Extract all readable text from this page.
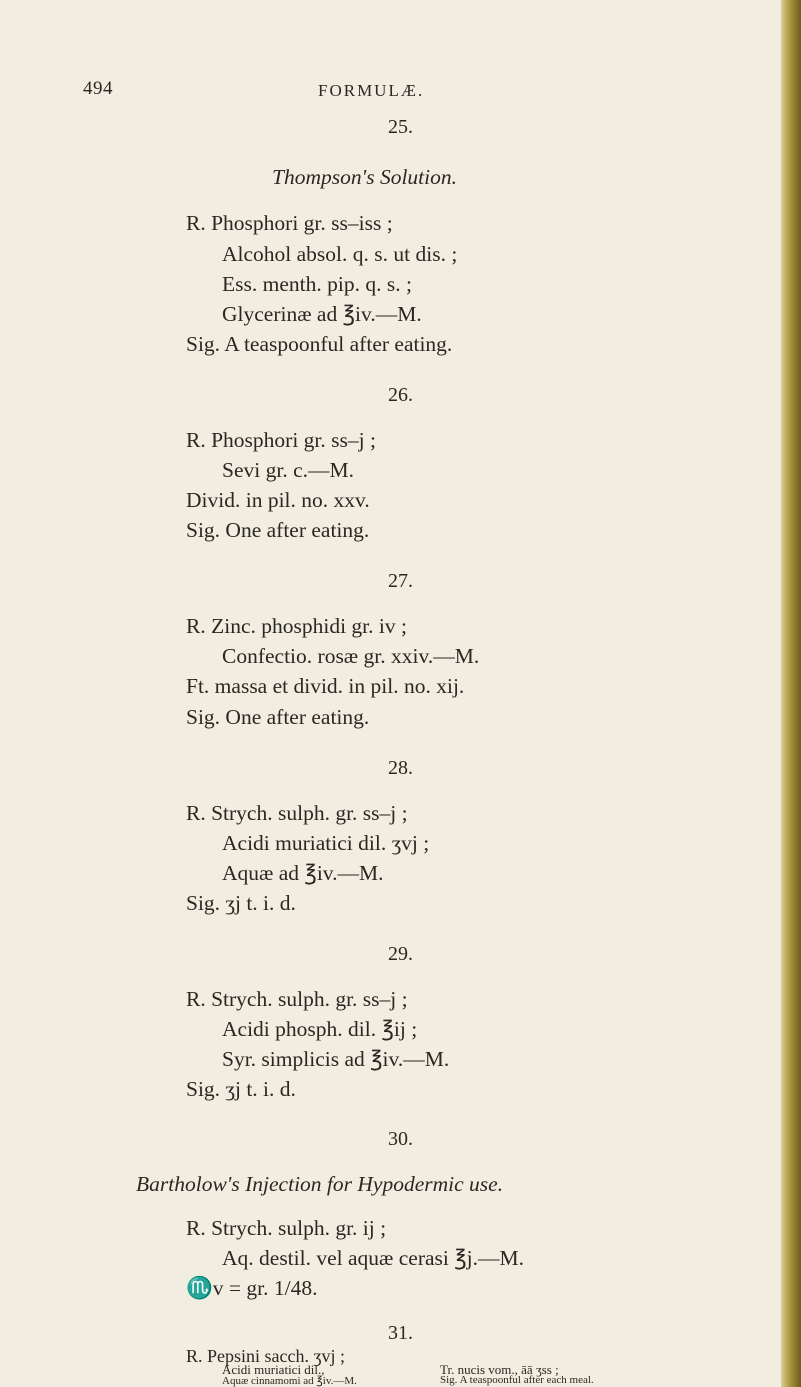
494	FORMULÆ.
25.
Thompson's Solution.
R. Phosphori gr. ss–iss ;
Alcohol absol. q. s. ut dis. ;
Ess. menth. pip. q. s. ;
Glycerinæ ad ℥iv.—M.
Sig. A teaspoonful after eating.
26.
R. Phosphori gr. ss–j ;
Sevi gr. c.—M.
Divid. in pil. no. xxv.
Sig. One after eating.
27.
R. Zinc. phosphidi gr. iv ;
Confectio. rosæ gr. xxiv.—M.
Ft. massa et divid. in pil. no. xij.
Sig. One after eating.
28.
R. Strych. sulph. gr. ss–j ;
Acidi muriatici dil. ʒvj ;
Aquæ ad ℥iv.—M.
Sig. ʒj t. i. d.
29.
R. Strych. sulph. gr. ss–j ;
Acidi phosph. dil. ℥ij ;
Syr. simplicis ad ℥iv.—M.
Sig. ʒj t. i. d.
30.
Bartholow's Injection for Hypodermic use.
R. Strych. sulph. gr. ij ;
Aq. destil. vel aquæ cerasi ℥j.—M.
♏v = gr. 1/48.
31.
R. Pepsini sacch. ʒvj ;
Acidi muriatici dil.,	Tr. nucis vom., āā ʒss ;
Aquæ cinnamomi ad ℥iv.—M.	Sig. A teaspoonful after each meal.
